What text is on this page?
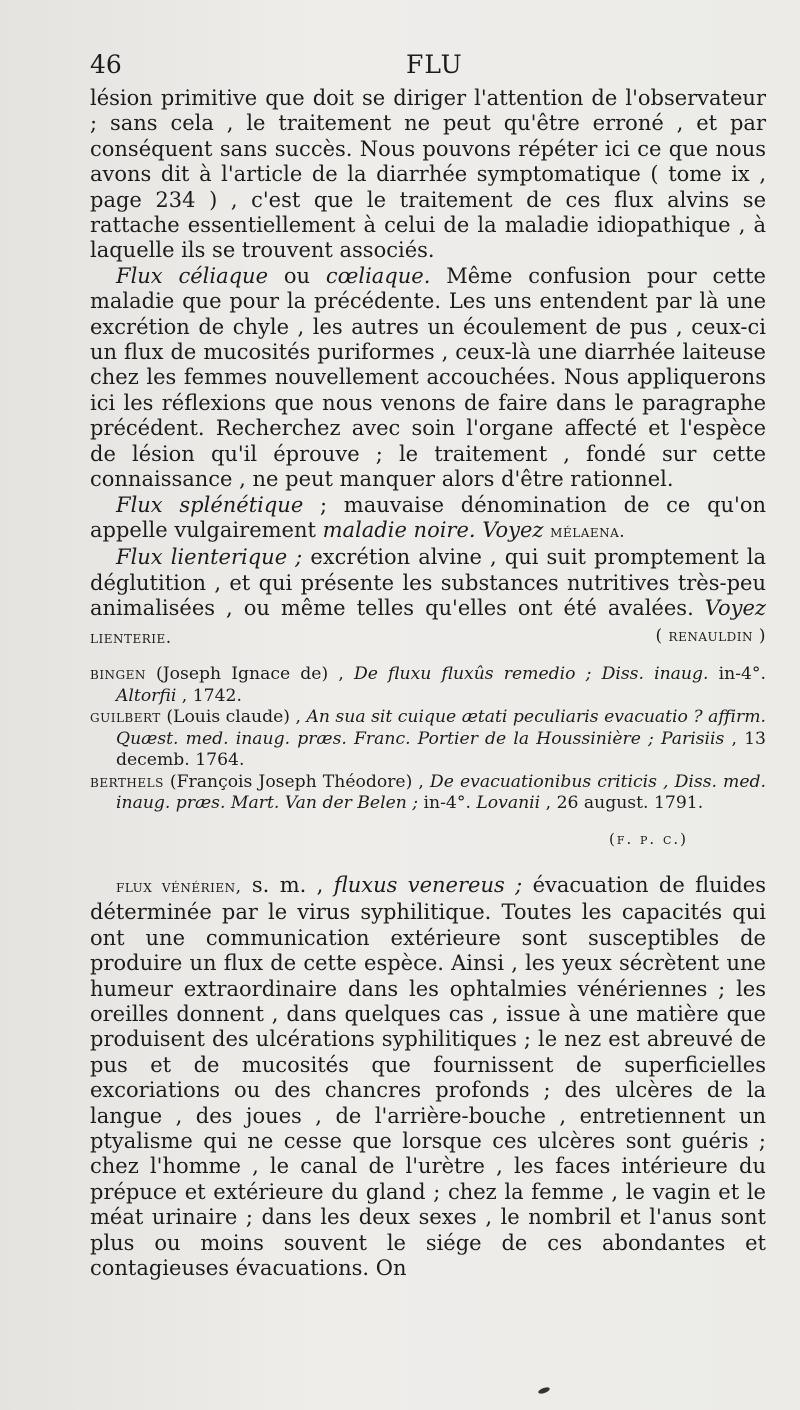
46	FLU

lésion primitive que doit se diriger l'attention de l'observateur ; sans cela , le traitement ne peut qu'être erroné , et par conséquent sans succès. Nous pouvons répéter ici ce que nous avons dit à l'article de la diarrhée symptomatique ( tome ix , page 234 ) , c'est que le traitement de ces flux alvins se rattache essentiellement à celui de la maladie idiopathique , à laquelle ils se trouvent associés.

Flux céliaque ou cœliaque. Même confusion pour cette maladie que pour la précédente. Les uns entendent par là une excrétion de chyle , les autres un écoulement de pus , ceux-ci un flux de mucosités puriformes , ceux-là une diarrhée laiteuse chez les femmes nouvellement accouchées. Nous appliquerons ici les réflexions que nous venons de faire dans le paragraphe précédent. Recherchez avec soin l'organe affecté et l'espèce de lésion qu'il éprouve ; le traitement , fondé sur cette connaissance , ne peut manquer alors d'être rationnel.

Flux splénétique ; mauvaise dénomination de ce qu'on appelle vulgairement maladie noire. Voyez mélaena.

Flux lienterique ; excrétion alvine , qui suit promptement la déglutition , et qui présente les substances nutritives très-peu animalisées , ou même telles qu'elles ont été avalées. Voyez lienterie.	( renauldin )

bingen (Joseph Ignace de) , De fluxu fluxûs remedio ; Diss. inaug. in-4°. Altorfii , 1742.
guilbert (Louis claude) , An sua sit cuique ætati peculiaris evacuatio ? affirm. Quæst. med. inaug. præs. Franc. Portier de la Houssinière ; Parisiis , 13 decemb. 1764.
berthels (François Joseph Théodore) , De evacuationibus criticis , Diss. med. inaug. præs. Mart. Van der Belen ; in-4°. Lovanii , 26 august. 1791.
(f. p. c.)

flux vénérien, s. m. , fluxus venereus ; évacuation de fluides déterminée par le virus syphilitique. Toutes les capacités qui ont une communication extérieure sont susceptibles de produire un flux de cette espèce. Ainsi , les yeux sécrètent une humeur extraordinaire dans les ophtalmies vénériennes ; les oreilles donnent , dans quelques cas , issue à une matière que produisent des ulcérations syphilitiques ; le nez est abreuvé de pus et de mucosités que fournissent de superficielles excoriations ou des chancres profonds ; des ulcères de la langue , des joues , de l'arrière-bouche , entretiennent un ptyalisme qui ne cesse que lorsque ces ulcères sont guéris ; chez l'homme , le canal de l'urètre , les faces intérieure du prépuce et extérieure du gland ; chez la femme , le vagin et le méat urinaire ; dans les deux sexes , le nombril et l'anus sont plus ou moins souvent le siége de ces abondantes et contagieuses évacuations. On
